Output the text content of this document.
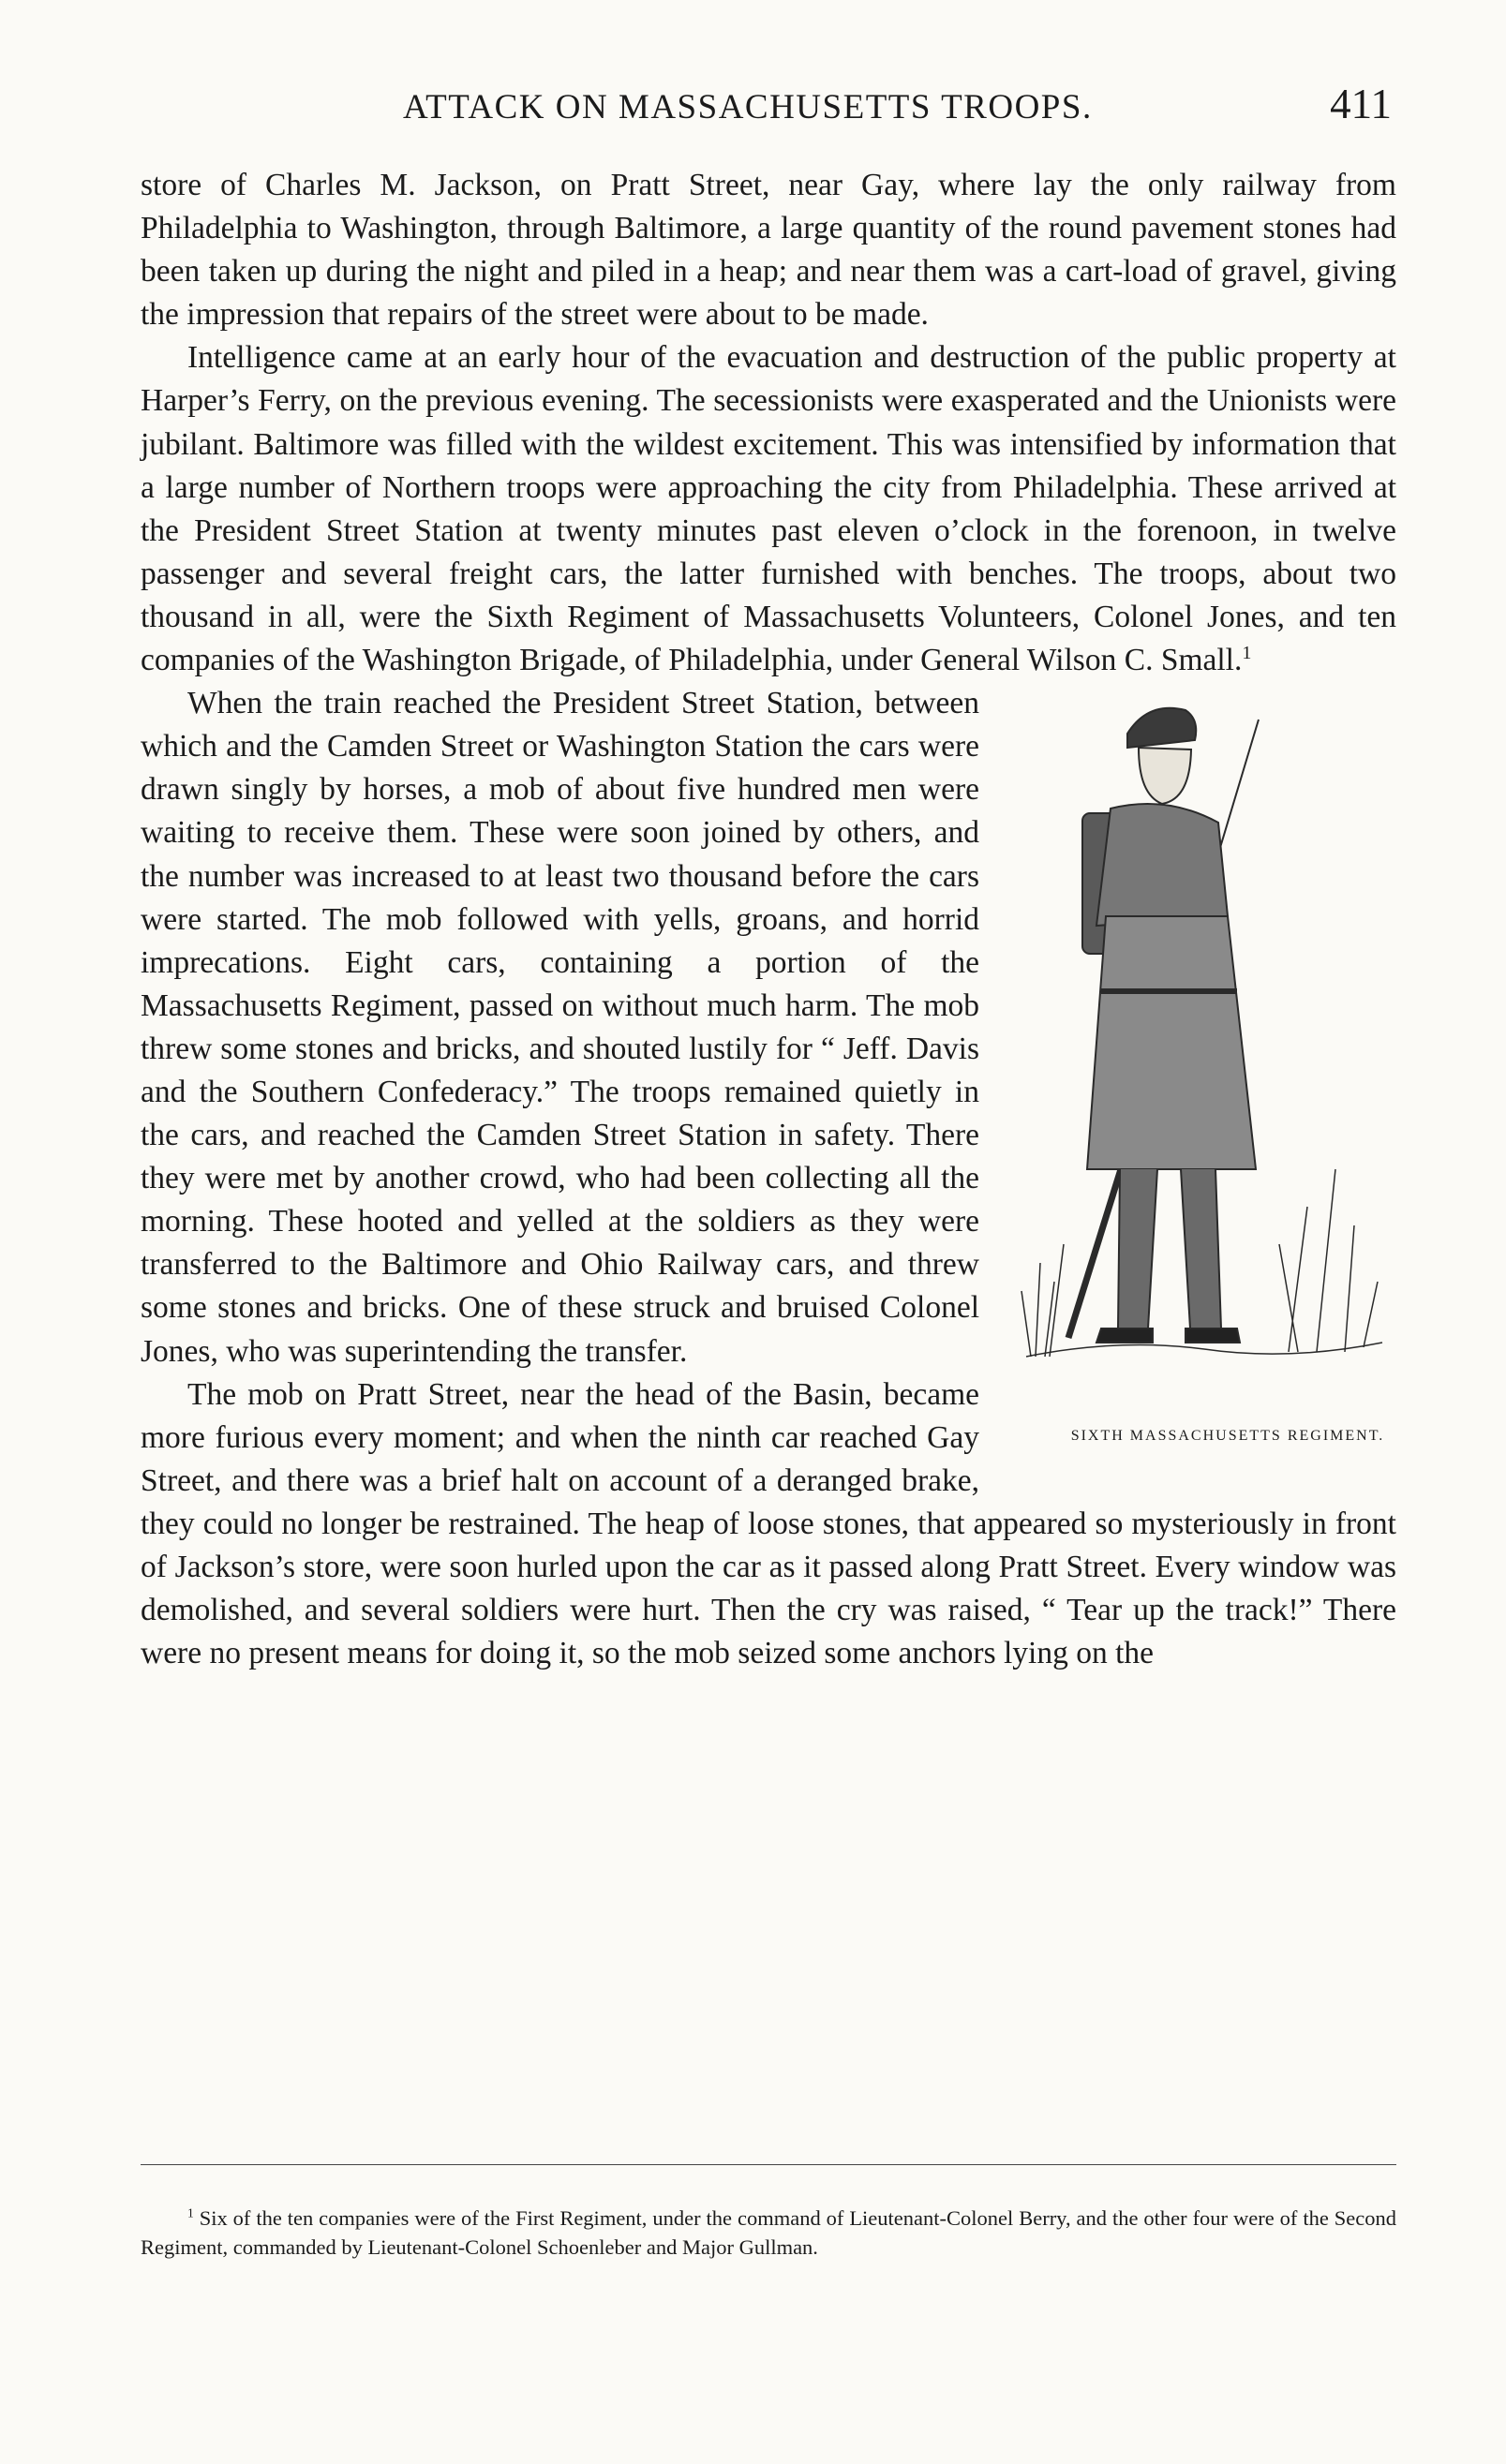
ATTACK ON MASSACHUSETTS TROOPS.	411

store of Charles M. Jackson, on Pratt Street, near Gay, where lay the only railway from Philadelphia to Washington, through Baltimore, a large quantity of the round pavement stones had been taken up during the night and piled in a heap; and near them was a cart-load of gravel, giving the impression that repairs of the street were about to be made.

Intelligence came at an early hour of the evacuation and destruction of the public property at Harper’s Ferry, on the previous evening. The secessionists were exasperated and the Unionists were jubilant. Baltimore was filled with the wildest excitement. This was intensified by information that a large number of Northern troops were approaching the city from Philadelphia. These arrived at the President Street Station at twenty minutes past eleven o’clock in the forenoon, in twelve passenger and several freight cars, the latter furnished with benches. The troops, about two thousand in all, were the Sixth Regiment of Massachusetts Volunteers, Colonel Jones, and ten companies of the Washington Brigade, of Philadelphia, under General Wilson C. Small.$^1$

SIXTH MASSACHUSETTS REGIMENT.
When the train reached the President Street Station, between which and the Camden Street or Washington Station the cars were drawn singly by horses, a mob of about five hundred men were waiting to receive them. These were soon joined by others, and the number was increased to at least two thousand before the cars were started. The mob followed with yells, groans, and horrid imprecations. Eight cars, containing a portion of the Massachusetts Regiment, passed on without much harm. The mob threw some stones and bricks, and shouted lustily for “ Jeff. Davis and the Southern Confederacy.” The troops remained quietly in the cars, and reached the Camden Street Station in safety. There they were met by another crowd, who had been collecting all the morning. These hooted and yelled at the soldiers as they were transferred to the Baltimore and Ohio Railway cars, and threw some stones and bricks. One of these struck and bruised Colonel Jones, who was superintending the transfer.

The mob on Pratt Street, near the head of the Basin, became more furious every moment; and when the ninth car reached Gay Street, and there was a brief halt on account of a deranged brake, they could no longer be restrained. The heap of loose stones, that appeared so mysteriously in front of Jackson’s store, were soon hurled upon the car as it passed along Pratt Street. Every window was demolished, and several soldiers were hurt. Then the cry was raised, “ Tear up the track!” There were no present means for doing it, so the mob seized some anchors lying on the

$^1$ Six of the ten companies were of the First Regiment, under the command of Lieutenant-Colonel Berry, and the other four were of the Second Regiment, commanded by Lieutenant-Colonel Schoenleber and Major Gullman.
